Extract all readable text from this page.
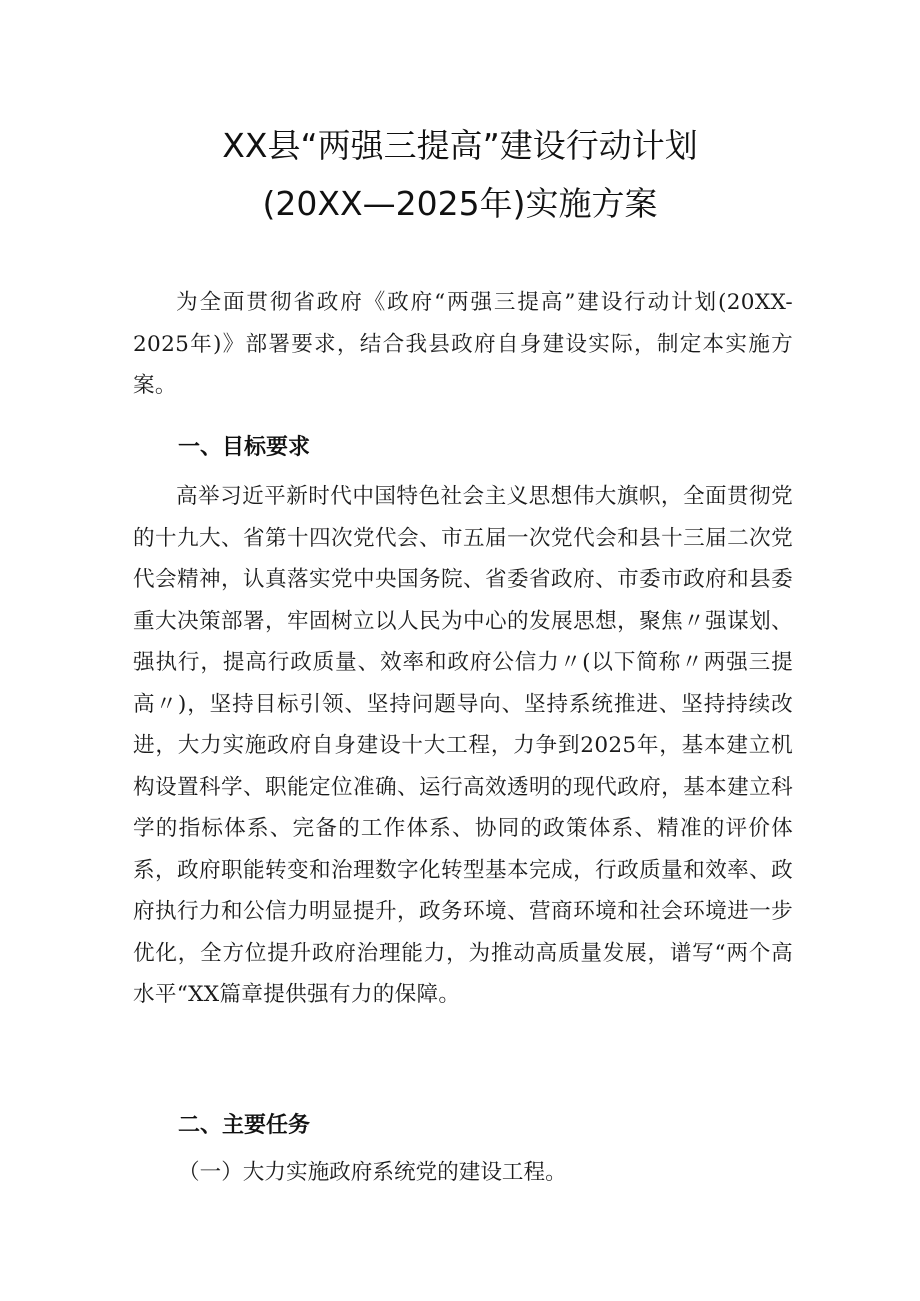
XX县“两强三提高”建设行动计划
(20XX—2025年)实施方案

为全面贯彻省政府《政府“两强三提高”建设行动计划(20XX-2025年)》部署要求，结合我县政府自身建设实际，制定本实施方案。

一、目标要求

高举习近平新时代中国特色社会主义思想伟大旗帜，全面贯彻党的十九大、省第十四次党代会、市五届一次党代会和县十三届二次党代会精神，认真落实党中央国务院、省委省政府、市委市政府和县委重大决策部署，牢固树立以人民为中心的发展思想，聚焦〃强谋划、强执行，提高行政质量、效率和政府公信力〃(以下简称〃两强三提高〃)，坚持目标引领、坚持问题导向、坚持系统推进、坚持持续改进，大力实施政府自身建设十大工程，力争到2025年，基本建立机构设置科学、职能定位准确、运行高效透明的现代政府，基本建立科学的指标体系、完备的工作体系、协同的政策体系、精准的评价体系，政府职能转变和治理数字化转型基本完成，行政质量和效率、政府执行力和公信力明显提升，政务环境、营商环境和社会环境进一步优化，全方位提升政府治理能力，为推动高质量发展，谱写“两个高水平“XX篇章提供强有力的保障。

二、主要任务
（一）大力实施政府系统党的建设工程。
